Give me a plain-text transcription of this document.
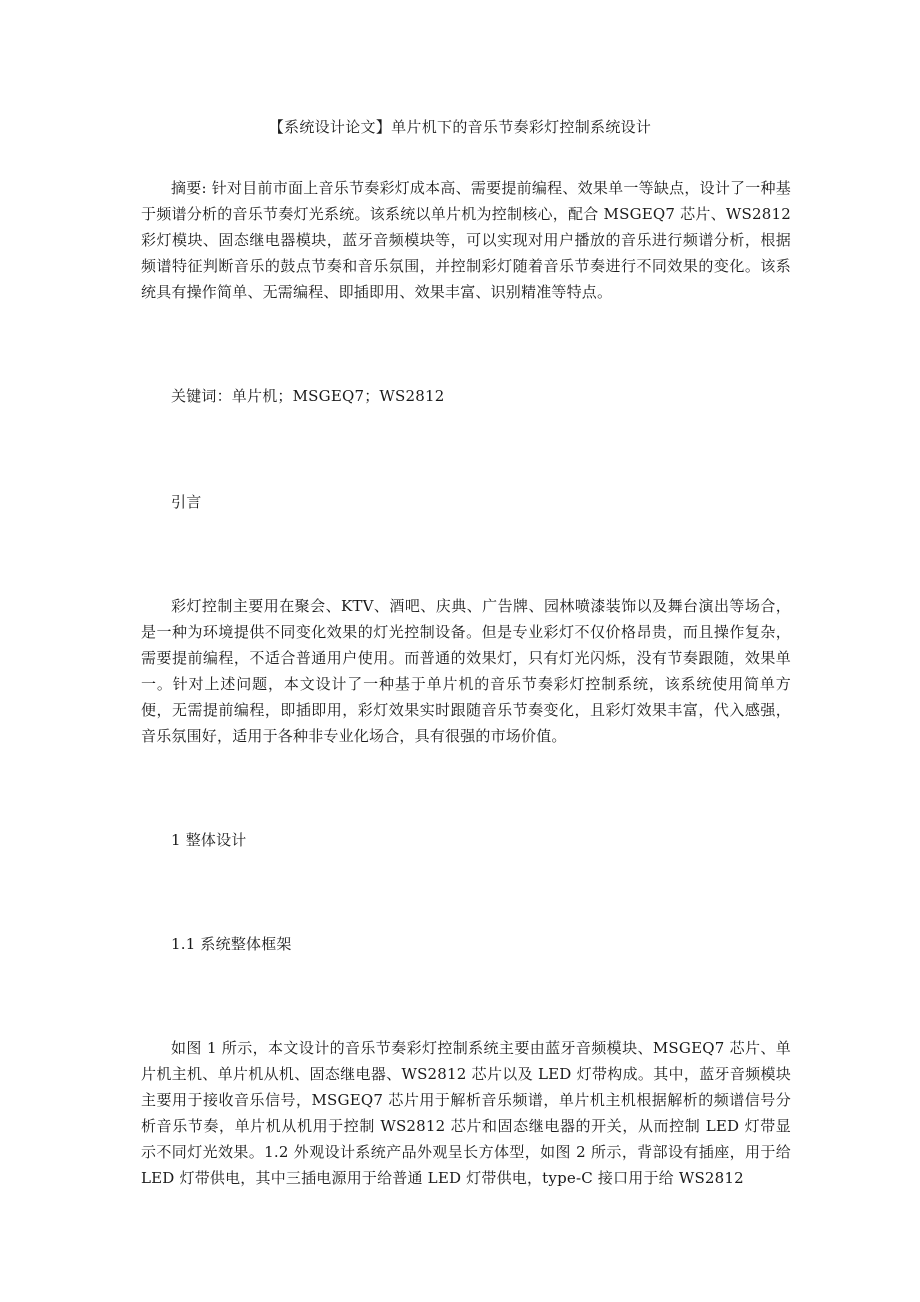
【系统设计论文】单片机下的音乐节奏彩灯控制系统设计

摘要: 针对目前市面上音乐节奏彩灯成本高、需要提前编程、效果单一等缺点，设计了一种基于频谱分析的音乐节奏灯光系统。该系统以单片机为控制核心，配合 MSGEQ7 芯片、WS2812 彩灯模块、固态继电器模块，蓝牙音频模块等，可以实现对用户播放的音乐进行频谱分析，根据频谱特征判断音乐的鼓点节奏和音乐氛围，并控制彩灯随着音乐节奏进行不同效果的变化。该系统具有操作简单、无需编程、即插即用、效果丰富、识别精准等特点。

关键词：单片机；MSGEQ7；WS2812

引言

彩灯控制主要用在聚会、KTV、酒吧、庆典、广告牌、园林喷漆装饰以及舞台演出等场合，是一种为环境提供不同变化效果的灯光控制设备。但是专业彩灯不仅价格昂贵，而且操作复杂，需要提前编程，不适合普通用户使用。而普通的效果灯，只有灯光闪烁，没有节奏跟随，效果单一。针对上述问题，本文设计了一种基于单片机的音乐节奏彩灯控制系统，该系统使用简单方便，无需提前编程，即插即用，彩灯效果实时跟随音乐节奏变化，且彩灯效果丰富，代入感强，音乐氛围好，适用于各种非专业化场合，具有很强的市场价值。

1 整体设计

1.1 系统整体框架

如图 1 所示，本文设计的音乐节奏彩灯控制系统主要由蓝牙音频模块、MSGEQ7 芯片、单片机主机、单片机从机、固态继电器、WS2812 芯片以及 LED 灯带构成。其中，蓝牙音频模块主要用于接收音乐信号，MSGEQ7 芯片用于解析音乐频谱，单片机主机根据解析的频谱信号分析音乐节奏，单片机从机用于控制 WS2812 芯片和固态继电器的开关，从而控制 LED 灯带显示不同灯光效果。1.2 外观设计系统产品外观呈长方体型，如图 2 所示，背部设有插座，用于给 LED 灯带供电，其中三插电源用于给普通 LED 灯带供电，type-C 接口用于给 WS2812
